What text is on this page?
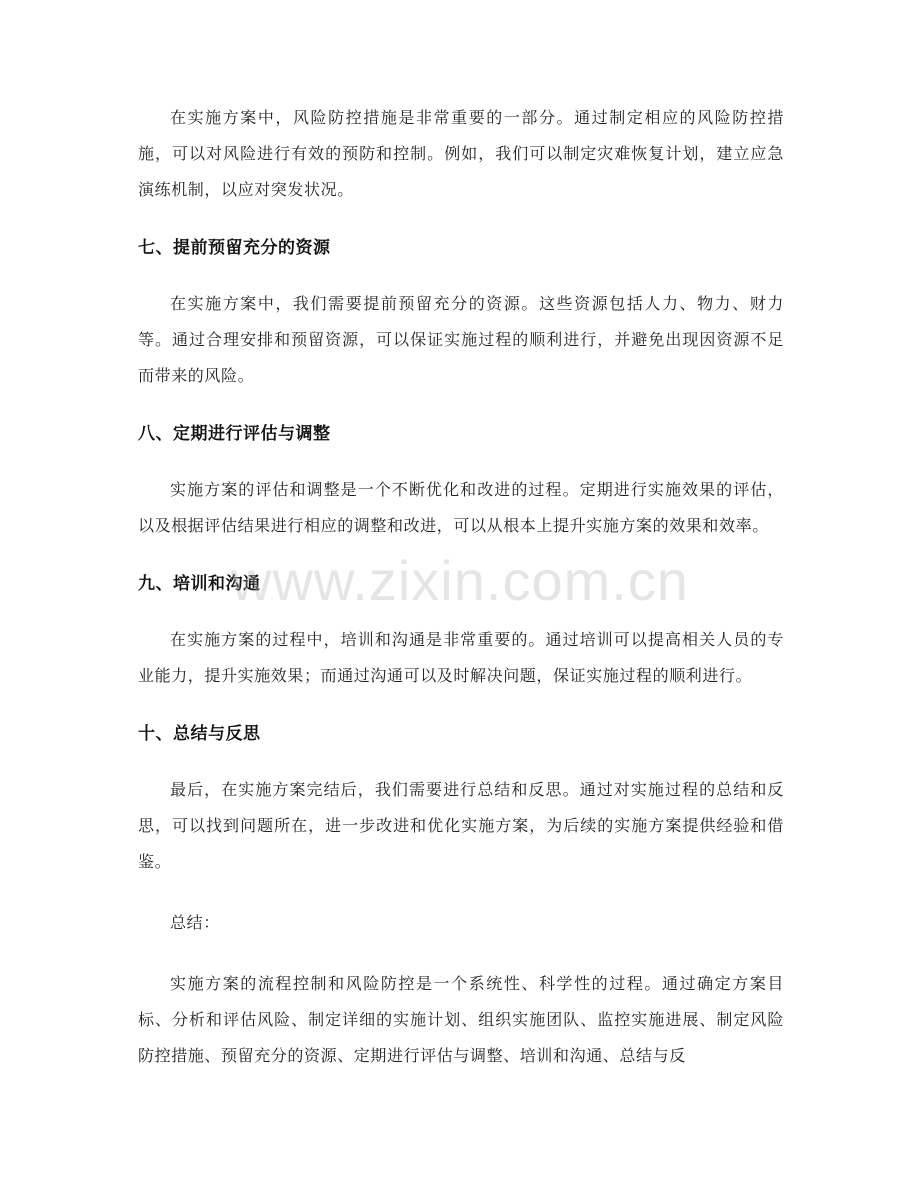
在实施方案中，风险防控措施是非常重要的一部分。通过制定相应的风险防控措施，可以对风险进行有效的预防和控制。例如，我们可以制定灾难恢复计划，建立应急演练机制，以应对突发状况。

七、提前预留充分的资源

在实施方案中，我们需要提前预留充分的资源。这些资源包括人力、物力、财力等。通过合理安排和预留资源，可以保证实施过程的顺利进行，并避免出现因资源不足而带来的风险。

八、定期进行评估与调整

实施方案的评估和调整是一个不断优化和改进的过程。定期进行实施效果的评估，以及根据评估结果进行相应的调整和改进，可以从根本上提升实施方案的效果和效率。

九、培训和沟通

在实施方案的过程中，培训和沟通是非常重要的。通过培训可以提高相关人员的专业能力，提升实施效果；而通过沟通可以及时解决问题，保证实施过程的顺利进行。

十、总结与反思

最后，在实施方案完结后，我们需要进行总结和反思。通过对实施过程的总结和反思，可以找到问题所在，进一步改进和优化实施方案，为后续的实施方案提供经验和借鉴。

总结：

实施方案的流程控制和风险防控是一个系统性、科学性的过程。通过确定方案目标、分析和评估风险、制定详细的实施计划、组织实施团队、监控实施进展、制定风险防控措施、预留充分的资源、定期进行评估与调整、培训和沟通、总结与反

www.zixin.com.cn
